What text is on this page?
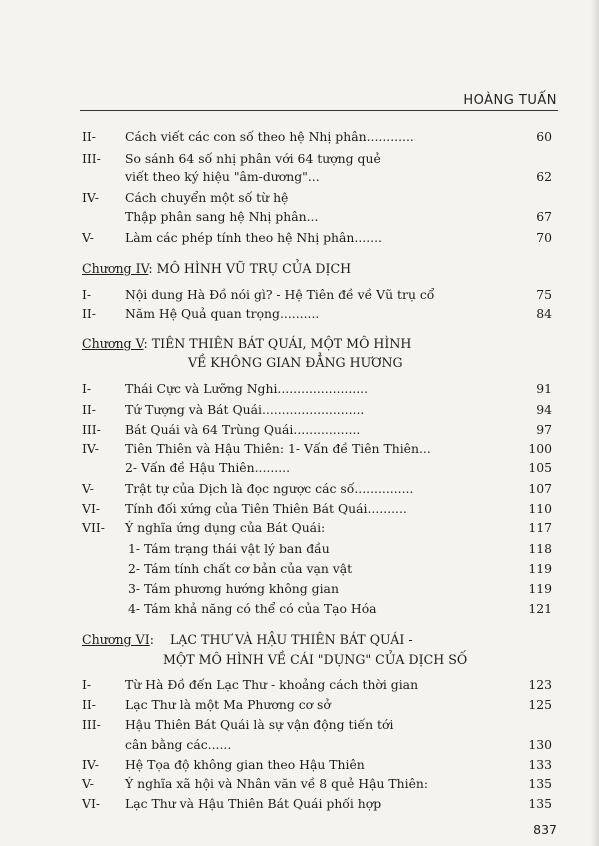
HOÀNG TUẤN
II- Cách viết các con số theo hệ Nhị phân............	60
III- So sánh 64 số nhị phân với 64 tượng quẻ
viết theo ký hiệu "âm-dương"...	62
IV- Cách chuyển một số từ hệ
Thập phân sang hệ Nhị phân...	67
V-	Làm các phép tính theo hệ Nhị phân.......	70
Chương IV: MÔ HÌNH VŨ TRỤ CỦA DỊCH
I-	Nội dung Hà Đồ nói gì? - Hệ Tiên đề về Vũ trụ cổ	75
II- Năm Hệ Quả quan trọng..........	84
Chương V: TIÊN THIÊN BÁT QUÁI, MỘT MÔ HÌNH
VỀ KHÔNG GIAN ĐẲNG HƯƠNG
I-	Thái Cực và Lưỡng Nghi.......................	91
II- Tứ Tượng và Bát Quái..........................	94
III- Bát Quái và 64 Trùng Quái.................	97
IV- Tiên Thiên và Hậu Thiên: 1- Vấn đề Tiên Thiên...	100
2- Vấn đề Hậu Thiên.........	105
V-	Trật tự của Dịch là đọc ngược các số...............	107
VI- Tính đối xứng của Tiên Thiên Bát Quái..........	110
VII- Ý nghĩa ứng dụng của Bát Quái:	117
1- Tám trạng thái vật lý ban đầu	118
2- Tám tính chất cơ bản của vạn vật	119
3- Tám phương hướng không gian	119
4- Tám khả năng có thể có của Tạo Hóa	121
Chương VI:    LẠC THƯ VÀ HẬU THIÊN BÁT QUÁI -
MỘT MÔ HÌNH VỀ CÁI "DỤNG" CỦA DỊCH SỐ
I-	Từ Hà Đồ đến Lạc Thư - khoảng cách thời gian	123
II- Lạc Thư là một Ma Phương cơ sở	125
III- Hậu Thiên Bát Quái là sự vận động tiến tới
cân bằng các......	130
IV- Hệ Tọa độ không gian theo Hậu Thiên	133
V-	Ý nghĩa xã hội và Nhân văn về 8 quẻ Hậu Thiên:	135
VI- Lạc Thư và Hậu Thiên Bát Quái phối hợp	135
837
